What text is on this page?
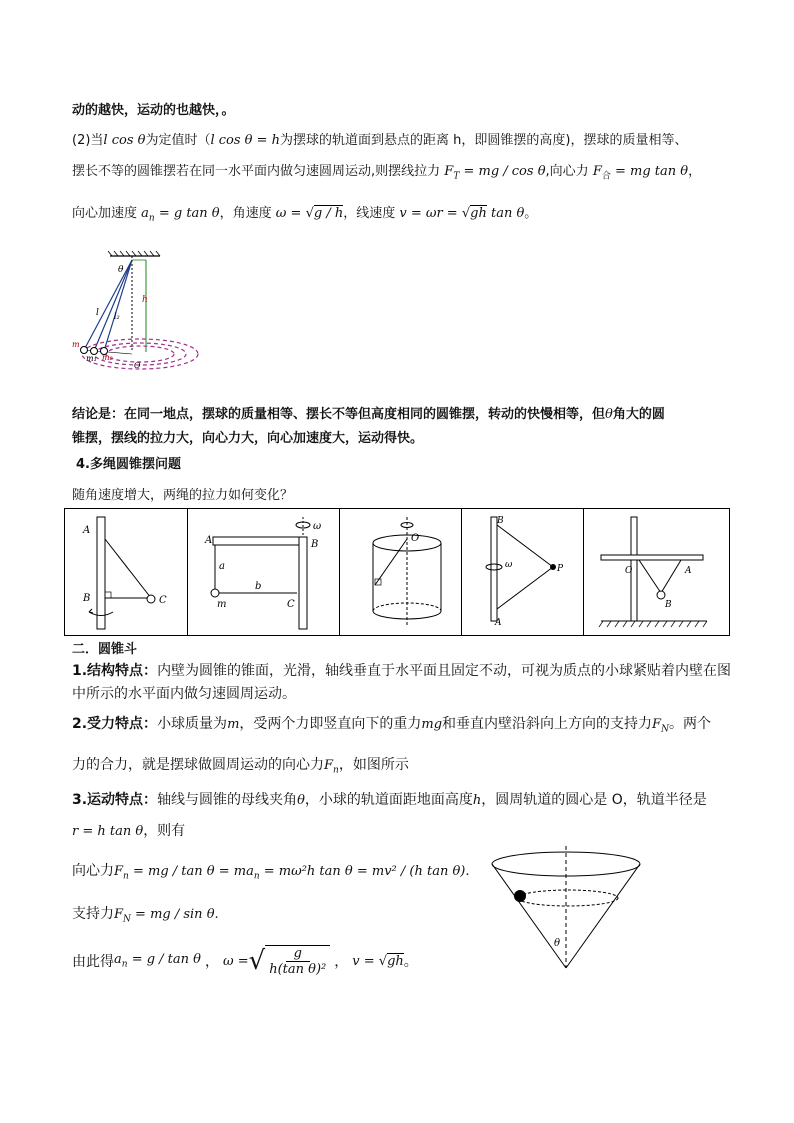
动的越快，运动的也越快，。
(2)当l cos θ为定值时（l cos θ = h为摆球的轨道面到悬点的距离 h，即圆锥摆的高度)，摆球的质量相等、
摆长不等的圆锥摆若在同一水平面内做匀速圆周运动,则摆线拉力 $F_T$ = mg / cos θ,向心力 $F_合$ = mg tan θ，
向心加速度 $a_n = g$ tan θ，角速度 ω = √g / h，线速度 v = ωr = √gh tan θ。
θ
h
l l₂
m
m₁ m₂
O
结论是：在同一地点，摆球的质量相等、摆长不等但高度相同的圆锥摆，转动的快慢相等，但θ角大的圆
锥摆，摆线的拉力大，向心力大，向心加速度大，运动得快。
4.多绳圆锥摆问题
随角速度增大，两绳的拉力如何变化？
A
B	C
A	B
C
a
b
m
ω
O
B
A
P
ω
O	A
B
二．圆锥斗
1.结构特点：内壁为圆锥的锥面，光滑，轴线垂直于水平面且固定不动，可视为质点的小球紧贴着内壁在图
中所示的水平面内做匀速圆周运动。
2.受力特点：小球质量为m，受两个力即竖直向下的重力mg和垂直内壁沿斜向上方向的支持力$F_N$。两个
力的合力，就是摆球做圆周运动的向心力$F_n$，如图所示
3.运动特点：轴线与圆锥的母线夹角θ，小球的轨道面距地面高度h，圆周轨道的圆心是 O，轨道半径是
r = h tan θ，则有
向心力$F_n$ = mg / $\tan \theta = ma_n = m\omega^2h$ tan θ = mv² / (h tan θ).
支持力$F_N$ = mg / sin θ.
由此得 $a_n = g / \tan \theta$ ， ω = √	g
h(tan θ)² ， v = √gh 。
θ
